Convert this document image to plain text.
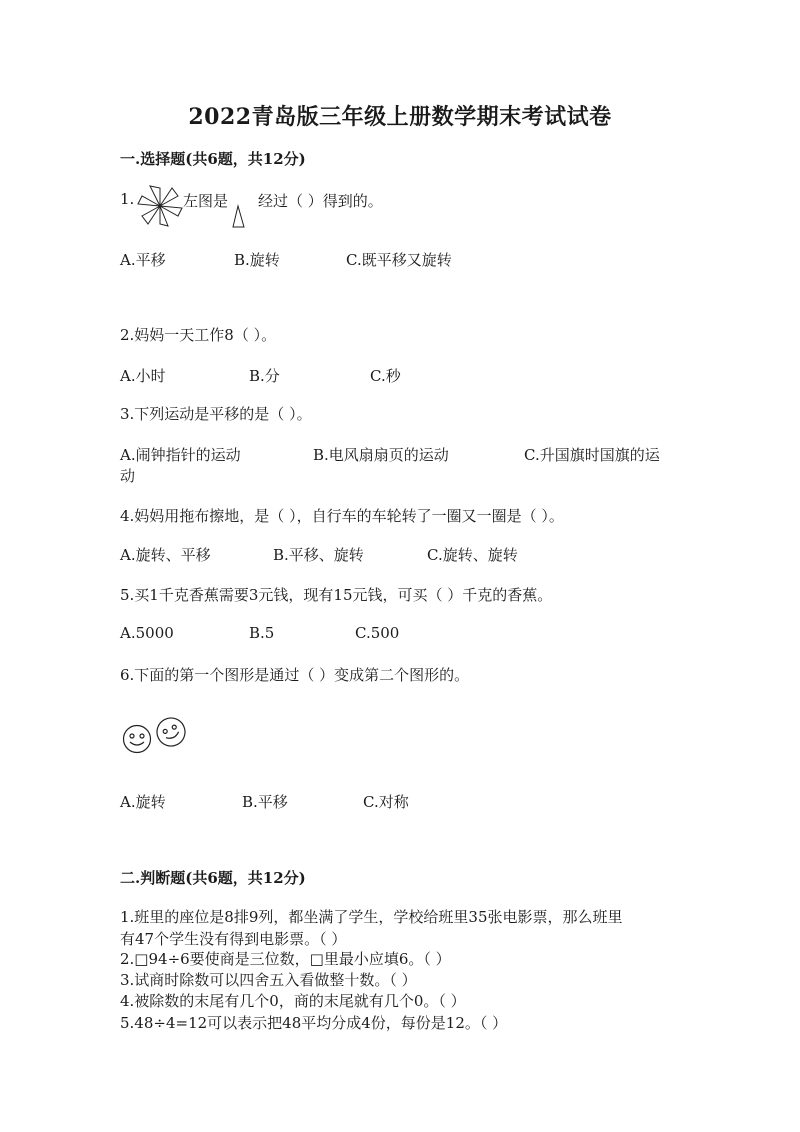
2022青岛版三年级上册数学期末考试试卷
一.选择题(共6题，共12分)
1.	左图是 经过（ ）得到的。
A.平移	B.旋转	C.既平移又旋转
2.妈妈一天工作8（ ）。
A.小时	B.分	C.秒
3.下列运动是平移的是（ ）。
A.闹钟指针的运动	B.电风扇扇页的运动	C.升国旗时国旗的运
动
4.妈妈用拖布擦地，是（ ），自行车的车轮转了一圈又一圈是（ ）。
A.旋转、平移	B.平移、旋转	C.旋转、旋转
5.买1千克香蕉需要3元钱，现有15元钱，可买（ ）千克的香蕉。
A.5000	B.5	C.500
6.下面的第一个图形是通过（ ）变成第二个图形的。
A.旋转	B.平移	C.对称
二.判断题(共6题，共12分)
1.班里的座位是8排9列，都坐满了学生，学校给班里35张电影票，那么班里
有47个学生没有得到电影票。（ ）
2.□94÷6要使商是三位数，□里最小应填6。（ ）
3.试商时除数可以四舍五入看做整十数。（ ）
4.被除数的末尾有几个0，商的末尾就有几个0。（ ）
5.48÷4=12可以表示把48平均分成4份，每份是12。（ ）
